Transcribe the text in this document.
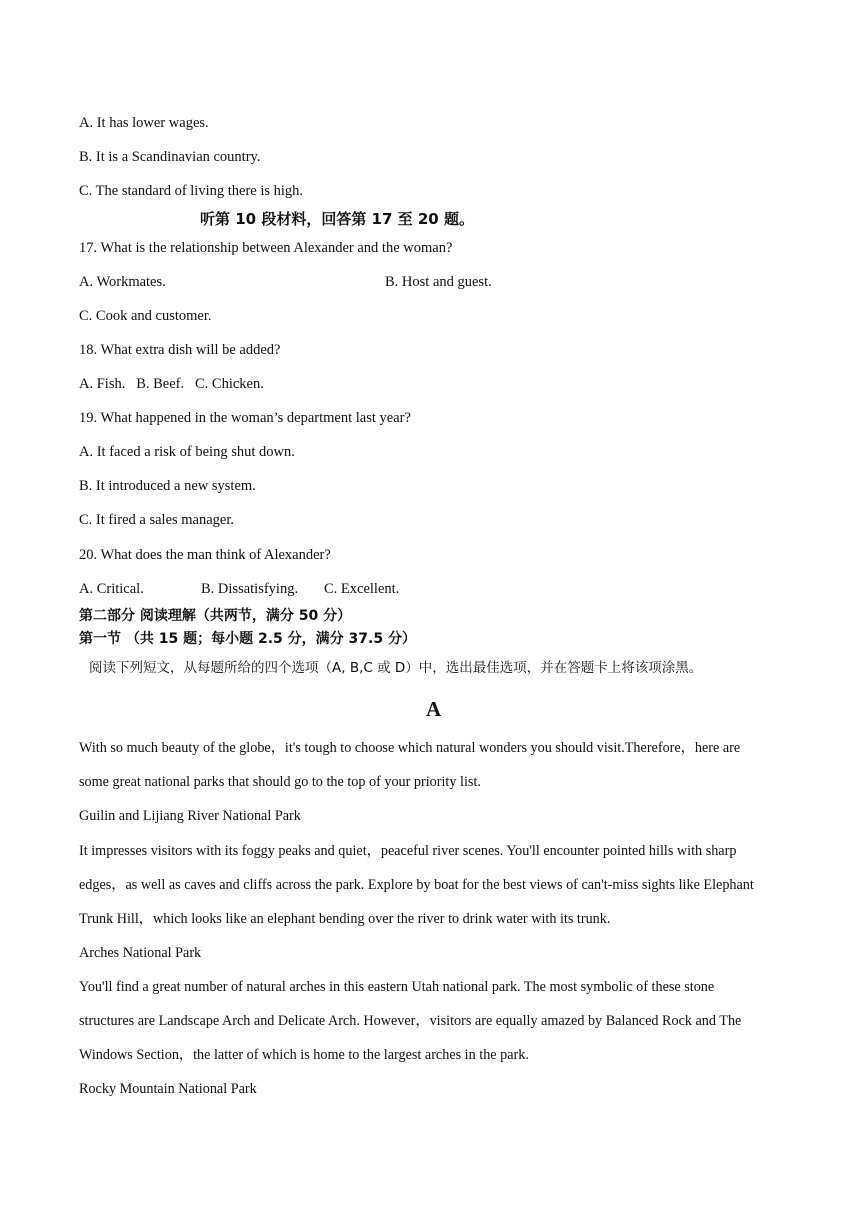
A. It has lower wages.
B. It is a Scandinavian country.
C. The standard of living there is high.
听第 10 段材料，回答第 17 至 20 题。
17. What is the relationship between Alexander and the woman?
A. Workmates.	B. Host and guest.
C. Cook and customer.
18. What extra dish will be added?
A. Fish.   B. Beef.   C. Chicken.
19. What happened in the woman’s department last year?
A. It faced a risk of being shut down.
B. It introduced a new system.
C. It fired a sales manager.
20. What does the man think of Alexander?
A. Critical.	B. Dissatisfying. C. Excellent.
第二部分 阅读理解（共两节，满分 50 分）
第一节 （共 15 题；每小题 2.5 分，满分 37.5 分）
阅读下列短文，从每题所给的四个选项（A, B,C 或 D）中，选出最佳选项，并在答题卡上将该项涂黑。
A
With so much beauty of the globe，it's tough to choose which natural wonders you should visit.Therefore，here are
some great national parks that should go to the top of your priority list.
Guilin and Lijiang River National Park
It impresses visitors with its foggy peaks and quiet，peaceful river scenes. You'll encounter pointed hills with sharp
edges，as well as caves and cliffs across the park. Explore by boat for the best views of can't-miss sights like Elephant
Trunk Hill，which looks like an elephant bending over the river to drink water with its trunk.
Arches National Park
You'll find a great number of natural arches in this eastern Utah national park. The most symbolic of these stone
structures are Landscape Arch and Delicate Arch. However，visitors are equally amazed by Balanced Rock and The
Windows Section，the latter of which is home to the largest arches in the park.
Rocky Mountain National Park
